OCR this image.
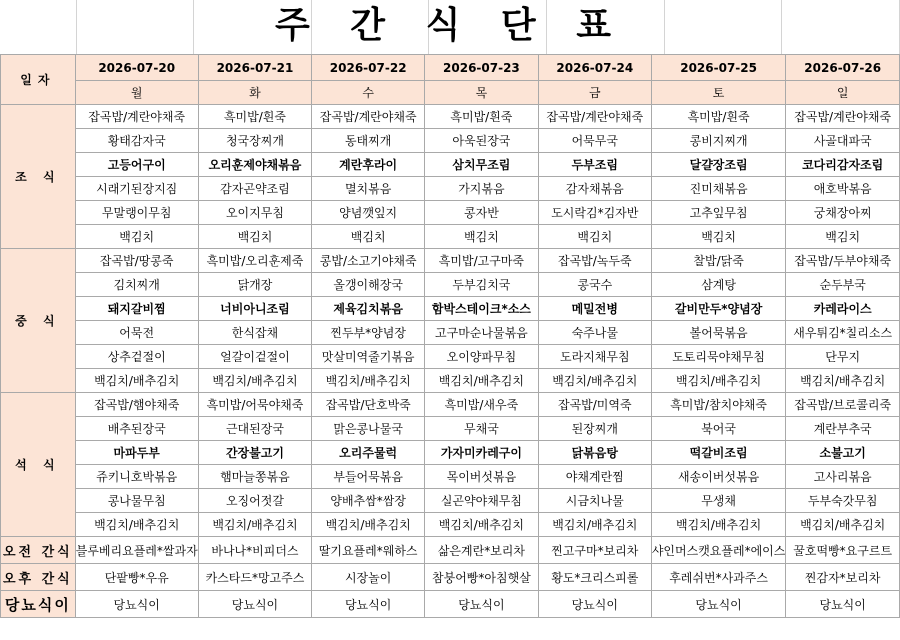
주 간 식 단 표
일자	2026-07-20	2026-07-21	2026-07-22	2026-07-23	2026-07-24	2026-07-25	2026-07-26
	월	화	수	목	금	토	일
조 식	잡곡밥/계란야채죽	흑미밥/흰죽	잡곡밥/계란야채죽	흑미밥/흰죽	잡곡밥/계란야채죽	흑미밥/흰죽	잡곡밥/계란야채죽
	황태감자국	청국장찌개	동태찌개	아욱된장국	어묵무국	콩비지찌개	사골대파국
	고등어구이	오리훈제야채볶음	계란후라이	삼치무조림	두부조림	달걀장조림	코다리감자조림
	시래기된장지짐	감자곤약조림	멸치볶음	가지볶음	감자채볶음	진미채볶음	애호박볶음
	무말랭이무침	오이지무침	양념깻잎지	콩자반	도시락김*김자반	고추잎무침	궁채장아찌
	백김치	백김치	백김치	백김치	백김치	백김치	백김치
중 식	잡곡밥/땅콩죽	흑미밥/오리훈제죽	콩밥/소고기야채죽	흑미밥/고구마죽	잡곡밥/녹두죽	찰밥/닭죽	잡곡밥/두부야채죽
	김치찌개	닭개장	올갱이해장국	두부김치국	콩국수	삼계탕	순두부국
	돼지갈비찜	너비아니조림	제육김치볶음	함박스테이크*소스	메밀전병	갈비만두*양념장	카레라이스
	어묵전	한식잡채	찐두부*양념장	고구마순나물볶음	숙주나물	볼어묵볶음	새우튀김*칠리소스
	상추겉절이	얼갈이겉절이	맛살미역줄기볶음	오이양파무침	도라지채무침	도토리묵야채무침	단무지
	백김치/배추김치	백김치/배추김치	백김치/배추김치	백김치/배추김치	백김치/배추김치	백김치/배추김치	백김치/배추김치
석 식	잡곡밥/햄야채죽	흑미밥/어묵야채죽	잡곡밥/단호박죽	흑미밥/새우죽	잡곡밥/미역죽	흑미밥/참치야채죽	잡곡밥/브로콜리죽
	배추된장국	근대된장국	맑은콩나물국	무채국	된장찌개	북어국	계란부추국
	마파두부	간장불고기	오리주물럭	가자미카레구이	닭볶음탕	떡갈비조림	소불고기
	쥬키니호박볶음	햄마늘쫑볶음	부들어묵볶음	목이버섯볶음	야채계란찜	새송이버섯볶음	고사리볶음
	콩나물무침	오징어젓갈	양배추쌈*쌈장	실곤약야채무침	시금치나물	무생채	두부숙갓무침
	백김치/배추김치	백김치/배추김치	백김치/배추김치	백김치/배추김치	백김치/배추김치	백김치/배추김치	백김치/배추김치
오전 간식	블루베리요플레*쌀과자	바나나*비피더스	딸기요플레*웨하스	삶은계란*보리차	찐고구마*보리차	샤인머스캣요플레*에이스	꿀호떡빵*요구르트
오후 간식	단팥빵*우유	카스타드*망고주스	시장놀이	참붕어빵*아침햇살	황도*크리스피롤	후레쉬번*사과주스	찐감자*보리차
당뇨식이	당뇨식이	당뇨식이	당뇨식이	당뇨식이	당뇨식이	당뇨식이	당뇨식이
